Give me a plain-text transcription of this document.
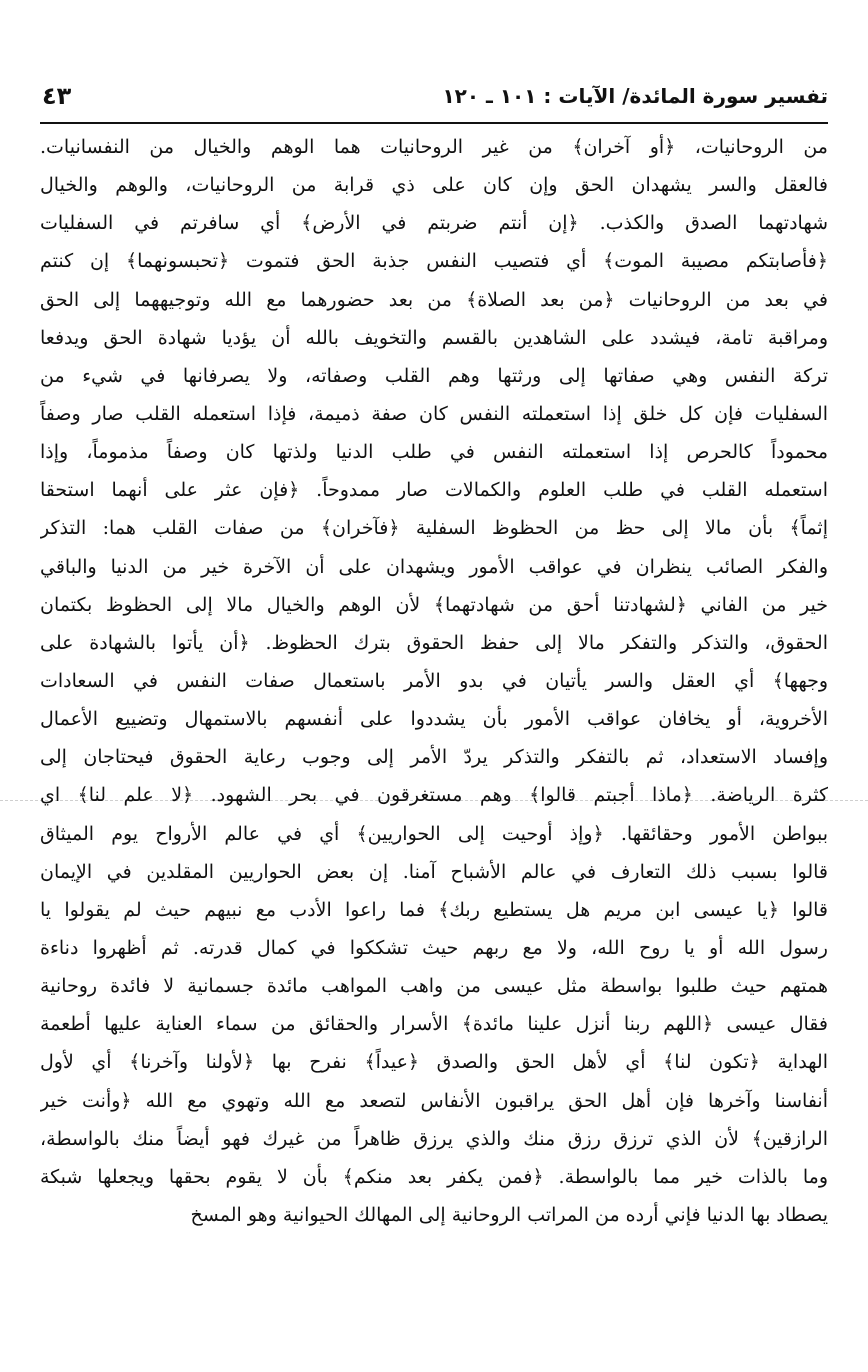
تفسير سورة المائدة/ الآيات : ١٠١ ـ ١٢٠
٤٣
من الروحانيات، ﴿أو آخران﴾ من غير الروحانيات هما الوهم والخيال من النفسانيات.
فالعقل والسر يشهدان الحق وإن كان على ذي قرابة من الروحانيات، والوهم والخيال
شهادتهما الصدق والكذب. ﴿إن أنتم ضربتم في الأرض﴾ أي سافرتم في السفليات
﴿فأصابتكم مصيبة الموت﴾ أي فتصيب النفس جذبة الحق فتموت ﴿تحبسونهما﴾ إن كنتم
في بعد من الروحانيات ﴿من بعد الصلاة﴾ من بعد حضورهما مع الله وتوجيههما إلى الحق
ومراقبة تامة، فيشدد على الشاهدين بالقسم والتخويف بالله أن يؤديا شهادة الحق ويدفعا
تركة النفس وهي صفاتها إلى ورثتها وهم القلب وصفاته، ولا يصرفانها في شيء من
السفليات فإن كل خلق إذا استعملته النفس كان صفة ذميمة، فإذا استعمله القلب صار وصفاً
محموداً كالحرص إذا استعملته النفس في طلب الدنيا ولذتها كان وصفاً مذموماً، وإذا
استعمله القلب في طلب العلوم والكمالات صار ممدوحاً. ﴿فإن عثر على أنهما استحقا
إثماً﴾ بأن مالا إلى حظ من الحظوظ السفلية ﴿فآخران﴾ من صفات القلب هما: التذكر
والفكر الصائب ينظران في عواقب الأمور ويشهدان على أن الآخرة خير من الدنيا والباقي
خير من الفاني ﴿لشهادتنا أحق من شهادتهما﴾ لأن الوهم والخيال مالا إلى الحظوظ بكتمان
الحقوق، والتذكر والتفكر مالا إلى حفظ الحقوق بترك الحظوظ. ﴿أن يأتوا بالشهادة على
وجهها﴾ أي العقل والسر يأتيان في بدو الأمر باستعمال صفات النفس في السعادات
الأخروية، أو يخافان عواقب الأمور بأن يشددوا على أنفسهم بالاستمهال وتضييع الأعمال
وإفساد الاستعداد، ثم بالتفكر والتذكر يردّ الأمر إلى وجوب رعاية الحقوق فيحتاجان إلى
كثرة الرياضة. ﴿ماذا أجبتم قالوا﴾ وهم مستغرقون في بحر الشهود. ﴿لا علم لنا﴾ اي
ببواطن الأمور وحقائقها. ﴿وإذ أوحيت إلى الحواريين﴾ أي في عالم الأرواح يوم الميثاق
قالوا بسبب ذلك التعارف في عالم الأشباح آمنا. إن بعض الحواريين المقلدين في الإيمان
قالوا ﴿يا عيسى ابن مريم هل يستطيع ربك﴾ فما راعوا الأدب مع نبيهم حيث لم يقولوا يا
رسول الله أو يا روح الله، ولا مع ربهم حيث تشككوا في كمال قدرته. ثم أظهروا دناءة
همتهم حيث طلبوا بواسطة مثل عيسى من واهب المواهب مائدة جسمانية لا فائدة روحانية
فقال عيسى ﴿اللهم ربنا أنزل علينا مائدة﴾ الأسرار والحقائق من سماء العناية عليها أطعمة
الهداية ﴿تكون لنا﴾ أي لأهل الحق والصدق ﴿عيداً﴾ نفرح بها ﴿لأولنا وآخرنا﴾ أي لأول
أنفاسنا وآخرها فإن أهل الحق يراقبون الأنفاس لتصعد مع الله وتهوي مع الله ﴿وأنت خير
الرازقين﴾ لأن الذي ترزق رزق منك والذي يرزق ظاهراً من غيرك فهو أيضاً منك بالواسطة،
وما بالذات خير مما بالواسطة. ﴿فمن يكفر بعد منكم﴾ بأن لا يقوم بحقها ويجعلها شبكة
يصطاد بها الدنيا فإني أرده من المراتب الروحانية إلى المهالك الحيوانية وهو المسخ
